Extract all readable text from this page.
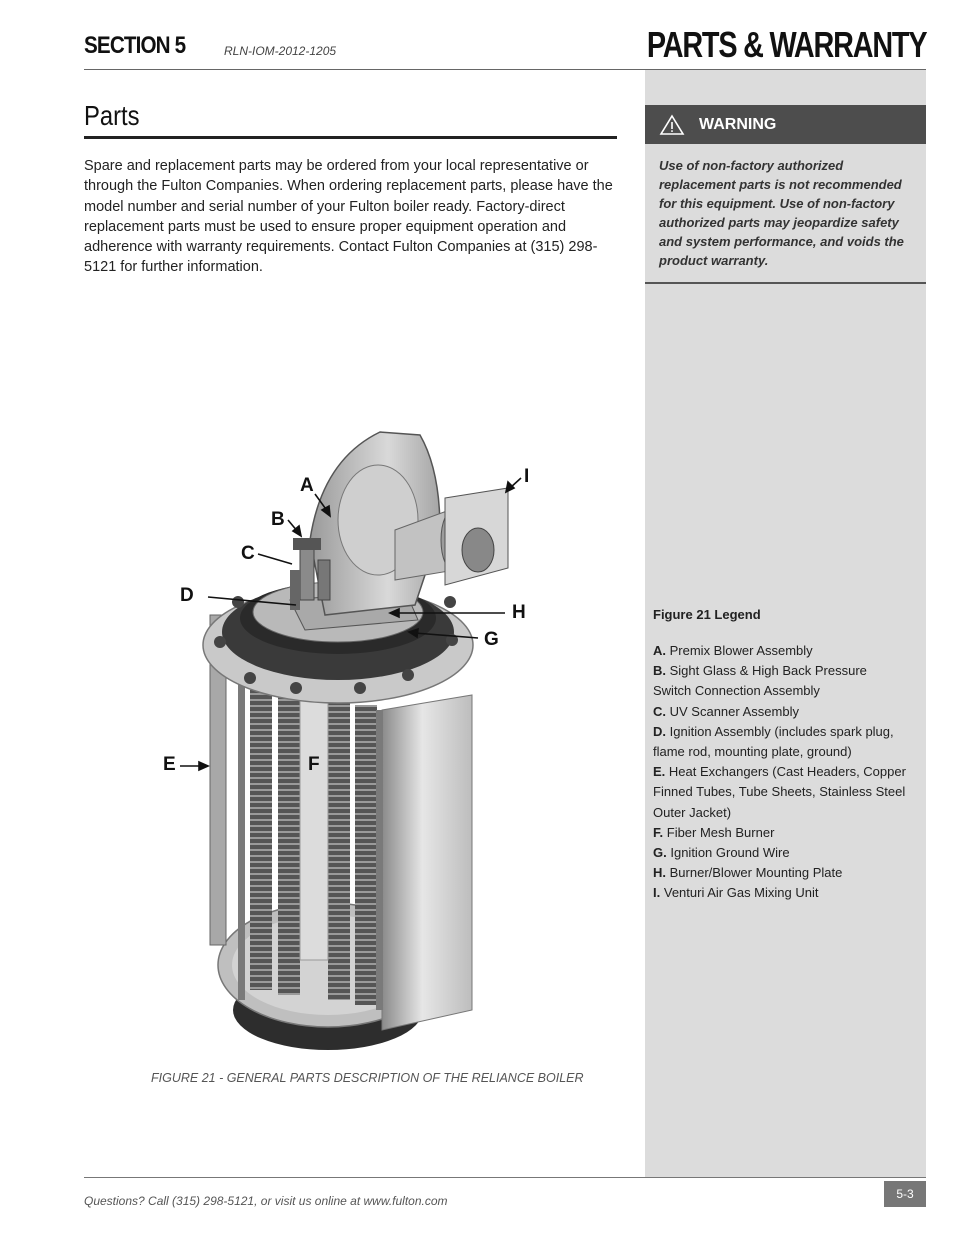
SECTION 5	RLN-IOM-2012-1205	PARTS & WARRANTY
Parts
Spare and replacement parts may be ordered from your local representative or through the Fulton Companies. When ordering replacement parts, please have the model number and serial number of your Fulton boiler ready. Factory-direct replacement parts must be used to ensure proper equipment operation and adherence with warranty requirements. Contact Fulton Companies at (315) 298-5121 for further information.
WARNING
Use of non-factory authorized replacement parts is not recommended for this equipment. Use of non-factory authorized parts may jeopardize safety and system performance, and voids the product warranty.
A
B
C
D
E	F
G
H
I
FIGURE 21 - GENERAL PARTS DESCRIPTION OF THE RELIANCE BOILER
Figure 21 Legend
A. Premix Blower Assembly
B. Sight Glass & High Back Pressure Switch Connection Assembly
C. UV Scanner Assembly
D. Ignition Assembly (includes spark plug, flame rod, mounting plate, ground)
E. Heat Exchangers (Cast Headers, Copper Finned Tubes, Tube Sheets, Stainless Steel Outer Jacket)
F. Fiber Mesh Burner
G. Ignition Ground Wire
H. Burner/Blower Mounting Plate
I. Venturi Air Gas Mixing Unit
Questions? Call (315) 298-5121, or visit us online at www.fulton.com	5-3
